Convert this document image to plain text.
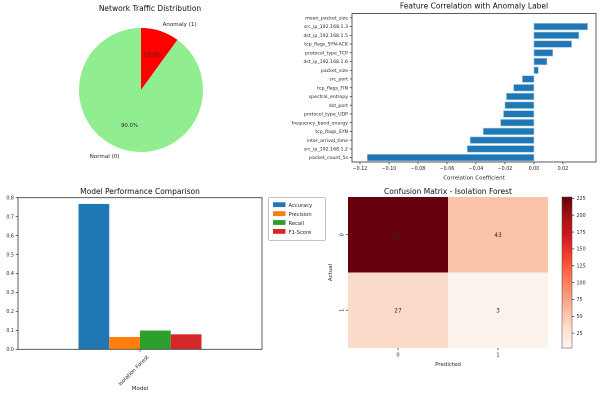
Network Traffic Distribution
Anomaly (1)
10.0%
Normal (0)
90.0%
Feature Correlation with Anomaly Label
mean_packet_size
src_ip_192.168.1.3
dst_ip_192.168.1.5
tcp_flags_SYN-ACK
protocol_type_TCP
dst_ip_192.168.1.6
packet_size
src_port
tcp_flags_FIN
spectral_entropy
dst_port
protocol_type_UDP
frequency_band_energy
tcp_flags_SYN
inter_arrival_time
src_ip_192.168.1.2
packet_count_5s
−0.12	−0.10	−0.08	−0.06	−0.04	−0.02	0.00	0.02
Correlation Coefficient
Model Performance Comparison
0.0
0.1
0.2
0.3
0.4
0.5
0.6
0.7
0.8
Isolation Forest
Accuracy
Precision
Recall
F1-Score
Model
Confusion Matrix - Isolation Forest
227	43
27	3
0	1
0
1
25
50
75
100
125
150
175
200
225
Predicted
Actual
